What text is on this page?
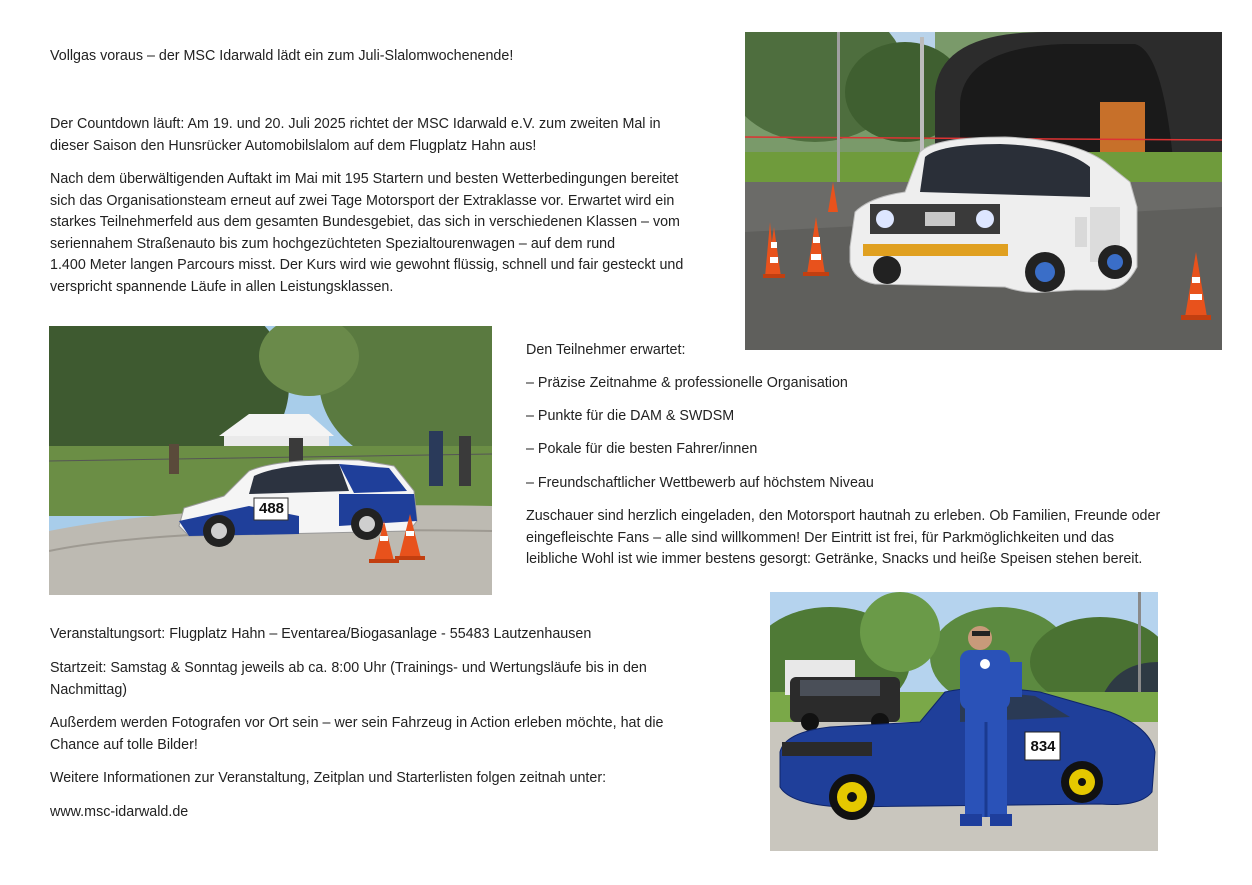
Vollgas voraus – der MSC Idarwald lädt ein zum Juli-Slalomwochenende!

Der Countdown läuft: Am 19. und 20. Juli 2025 richtet der MSC Idarwald e.V. zum zweiten Mal in
dieser Saison den Hunsrücker Automobilslalom auf dem Flugplatz Hahn aus!
Nach dem überwältigenden Auftakt im Mai mit 195 Startern und besten Wetterbedingungen bereitet
sich das Organisationsteam erneut auf zwei Tage Motorsport der Extraklasse vor. Erwartet wird ein
starkes Teilnehmerfeld aus dem gesamten Bundesgebiet, das sich in verschiedenen Klassen – vom
seriennahem Straßenauto bis zum hochgezüchteten Spezialtourenwagen – auf dem rund
1.400 Meter langen Parcours misst. Der Kurs wird wie gewohnt flüssig, schnell und fair gesteckt und
verspricht spannende Läufe in allen Leistungsklassen.
488
Den Teilnehmer erwartet:
– Präzise Zeitnahme & professionelle Organisation
– Punkte für die DAM & SWDSM
– Pokale für die besten Fahrer/innen
– Freundschaftlicher Wettbewerb auf höchstem Niveau
Zuschauer sind herzlich eingeladen, den Motorsport hautnah zu erleben. Ob Familien, Freunde oder
eingefleischte Fans – alle sind willkommen! Der Eintritt ist frei, für Parkmöglichkeiten und das
leibliche Wohl ist wie immer bestens gesorgt: Getränke, Snacks und heiße Speisen stehen bereit.
Veranstaltungsort: Flugplatz Hahn – Eventarea/Biogasanlage - 55483 Lautzenhausen
Startzeit: Samstag & Sonntag jeweils ab ca. 8:00 Uhr (Trainings- und Wertungsläufe bis in den
Nachmittag)
Außerdem werden Fotografen vor Ort sein – wer sein Fahrzeug in Action erleben möchte, hat die
Chance auf tolle Bilder!
Weitere Informationen zur Veranstaltung, Zeitplan und Starterlisten folgen zeitnah unter:
www.msc-idarwald.de
834
